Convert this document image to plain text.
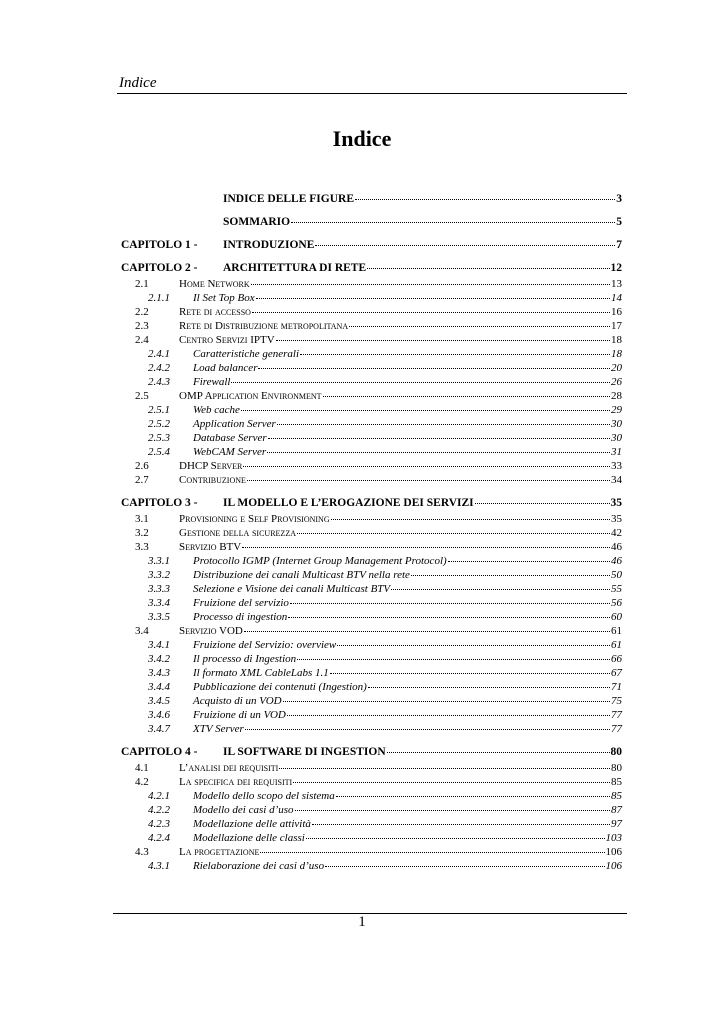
Indice
Indice
INDICE DELLE FIGURE	3
SOMMARIO	5
CAPITOLO 1 -	INTRODUZIONE	7
CAPITOLO 2 -	ARCHITETTURA DI RETE	12
2.1	Home Network	13
2.1.1	Il Set Top Box	14
2.2	Rete di accesso	16
2.3	Rete di Distribuzione metropolitana	17
2.4	Centro Servizi IPTV	18
2.4.1	Caratteristiche generali	18
2.4.2	Load balancer	20
2.4.3	Firewall	26
2.5	OMP Application Environment	28
2.5.1	Web cache	29
2.5.2	Application Server	30
2.5.3	Database Server	30
2.5.4	WebCAM Server	31
2.6	DHCP Server	33
2.7	Contribuzione	34
CAPITOLO 3 -	IL MODELLO E L’EROGAZIONE DEI SERVIZI	35
3.1	Provisioning e Self Provisioning	35
3.2	Gestione della sicurezza	42
3.3	Servizio BTV	46
3.3.1	Protocollo IGMP (Internet Group Management Protocol)	46
3.3.2	Distribuzione dei canali Multicast BTV nella rete	50
3.3.3	Selezione e Visione dei canali Multicast BTV	55
3.3.4	Fruizione del servizio	56
3.3.5	Processo di ingestion	60
3.4	Servizio VOD	61
3.4.1	Fruizione del Servizio: overview	61
3.4.2	Il processo di Ingestion	66
3.4.3	Il formato XML CableLabs 1.1	67
3.4.4	Pubblicazione dei contenuti (Ingestion)	71
3.4.5	Acquisto di un VOD	75
3.4.6	Fruizione di un VOD	77
3.4.7	XTV Server	77
CAPITOLO 4 -	IL SOFTWARE DI INGESTION	80
4.1	L’analisi dei requisiti	80
4.2	La specifica dei requisiti	85
4.2.1	Modello dello scopo del sistema	85
4.2.2	Modello dei casi d’uso	87
4.2.3	Modellazione delle attività	97
4.2.4	Modellazione delle classi	103
4.3	La progettazione	106
4.3.1	Rielaborazione dei casi d’uso	106
1
